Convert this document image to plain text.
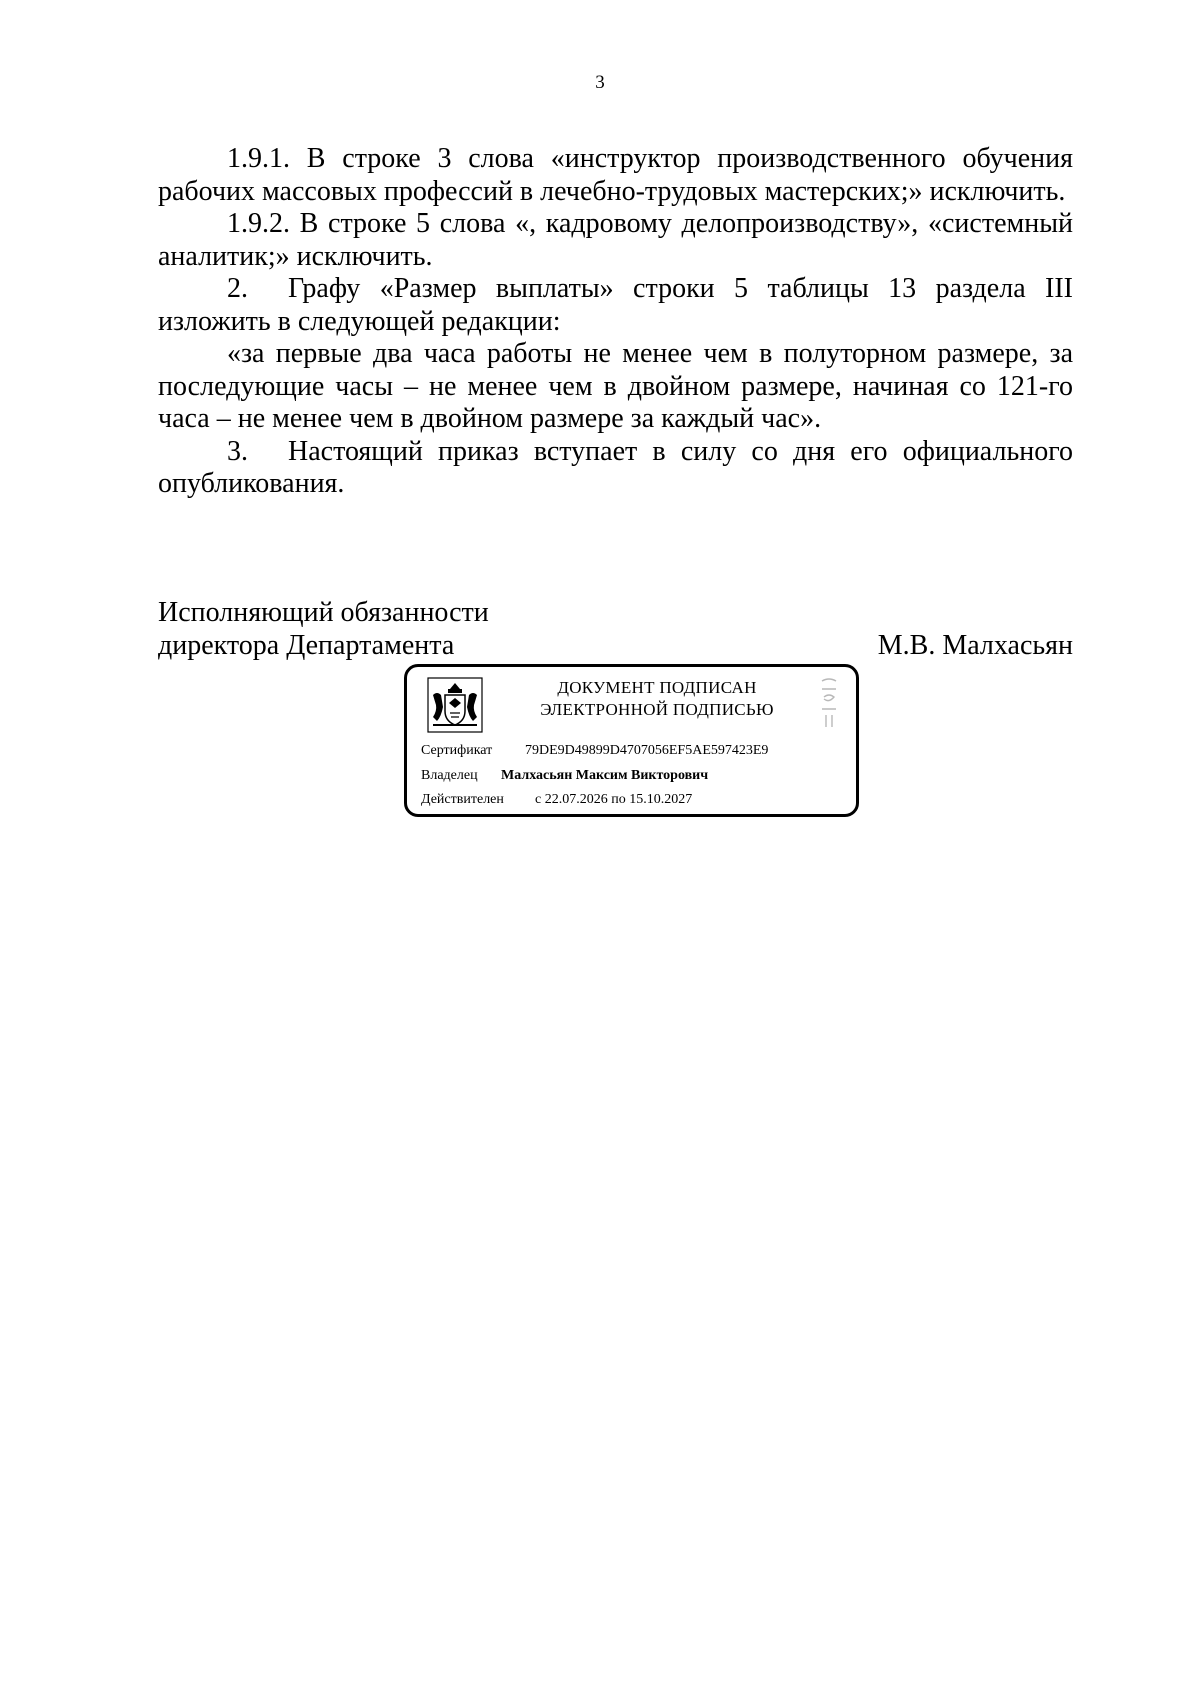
3

1.9.1. В строке 3 слова «инструктор производственного обучения рабочих массовых профессий в лечебно-трудовых мастерских;» исключить.

1.9.2. В строке 5 слова «, кадровому делопроизводству», «системный аналитик;» исключить.

2. Графу «Размер выплаты» строки 5 таблицы 13 раздела III изложить в следующей редакции:

«за первые два часа работы не менее чем в полуторном размере, за последующие часы – не менее чем в двойном размере, начиная со 121-го часа – не менее чем в двойном размере за каждый час».

3. Настоящий приказ вступает в силу со дня его официального опубликования.

Исполняющий обязанности
директора Департамента	М.В. Малхасьян
ДОКУМЕНТ ПОДПИСАН
ЭЛЕКТРОННОЙ ПОДПИСЬЮ
Сертификат 79DE9D49899D4707056EF5AE597423E9
Владелец Малхасьян Максим Викторович
Действителен с 22.07.2026 по 15.10.2027
